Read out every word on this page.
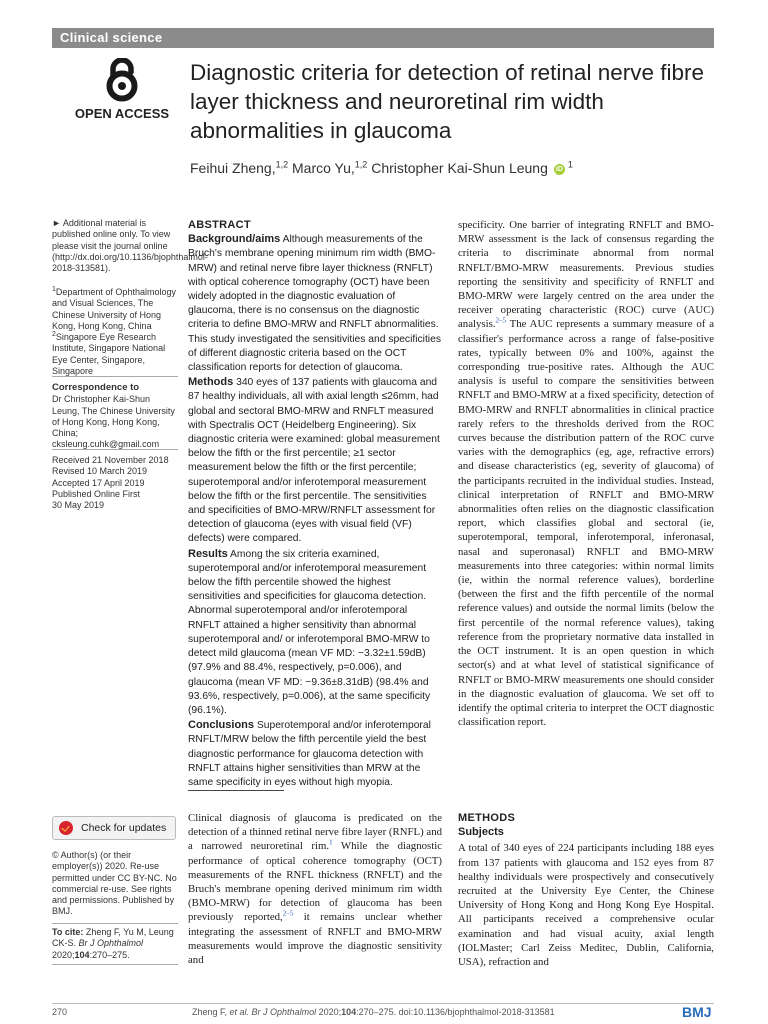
Clinical science
OPEN ACCESS
Diagnostic criteria for detection of retinal nerve fibre layer thickness and neuroretinal rim width abnormalities in glaucoma
Feihui Zheng,$^{1,2}$ Marco Yu,$^{1,2}$ Christopher Kai-Shun Leung iD $^1$
► Additional material is published online only. To view please visit the journal online (http://dx.doi.org/10.1136/bjophthalmol-2018-313581).
$^1$Department of Ophthalmology and Visual Sciences, The Chinese University of Hong Kong, Hong Kong, China
$^2$Singapore Eye Research Institute, Singapore National Eye Center, Singapore, Singapore
Correspondence to
Dr Christopher Kai-Shun Leung, The Chinese University of Hong Kong, Hong Kong, China; cksleung.cuhk@gmail.com
Received 21 November 2018
Revised 10 March 2019
Accepted 17 April 2019
Published Online First
30 May 2019
Check for updates
© Author(s) (or their employer(s)) 2020. Re-use permitted under CC BY-NC. No commercial re-use. See rights and permissions. Published by BMJ.
To cite: Zheng F, Yu M, Leung CK-S. Br J Ophthalmol 2020;104:270–275.
ABSTRACT

Background/aims Although measurements of the Bruch's membrane opening minimum rim width (BMO-MRW) and retinal nerve fibre layer thickness (RNFLT) with optical coherence tomography (OCT) have been widely adopted in the diagnostic evaluation of glaucoma, there is no consensus on the diagnostic criteria to define BMO-MRW and RNFLT abnormalities. This study investigated the sensitivities and specificities of different diagnostic criteria based on the OCT classification reports for detection of glaucoma.

Methods 340 eyes of 137 patients with glaucoma and 87 healthy individuals, all with axial length ≤26mm, had global and sectoral BMO-MRW and RNFLT measured with Spectralis OCT (Heidelberg Engineering). Six diagnostic criteria were examined: global measurement below the fifth or the first percentile; ≥1 sector measurement below the fifth or the first percentile; superotemporal and/or inferotemporal measurement below the fifth or the first percentile. The sensitivities and specificities of BMO-MRW/RNFLT assessment for detection of glaucoma (eyes with visual field (VF) defects) were compared.

Results Among the six criteria examined, superotemporal and/or inferotemporal measurement below the fifth percentile showed the highest sensitivities and specificities for glaucoma detection. Abnormal superotemporal and/or inferotemporal RNFLT attained a higher sensitivity than abnormal superotemporal and/ or inferotemporal BMO-MRW to detect mild glaucoma (mean VF MD: −3.32±1.59dB) (97.9% and 88.4%, respectively, p=0.006), and glaucoma (mean VF MD: −9.36±8.31dB) (98.4% and 93.6%, respectively, p=0.006), at the same specificity (96.1%).

Conclusions Superotemporal and/or inferotemporal RNFLT/MRW below the fifth percentile yield the best diagnostic performance for glaucoma detection with RNFLT attains higher sensitivities than MRW at the same specificity in eyes without high myopia.

specificity. One barrier of integrating RNFLT and BMO-MRW assessment is the lack of consensus regarding the criteria to discriminate abnormal from normal RNFLT/BMO-MRW measurements. Previous studies reporting the sensitivity and specificity of RNFLT and BMO-MRW were largely centred on the area under the receiver operating characteristic (ROC) curve (AUC) analysis.$^{2-5}$ The AUC represents a summary measure of a classifier's performance across a range of false-positive rates, typically between 0% and 100%, against the corresponding true-positive rates. Although the AUC analysis is useful to compare the sensitivities between RNFLT and BMO-MRW at a fixed specificity, detection of BMO-MRW and RNFLT abnormalities in clinical practice rarely refers to the thresholds derived from the ROC curves because the distribution pattern of the ROC curve varies with the demographics (eg, age, refractive errors) and disease characteristics (eg, severity of glaucoma) of the participants recruited in the individual studies. Instead, clinical interpretation of RNFLT and BMO-MRW abnormalities often relies on the diagnostic classification report, which classifies global and sectoral (ie, superotemporal, temporal, inferotemporal, inferonasal, nasal and superonasal) RNFLT and BMO-MRW measurements into three categories: within normal limits (ie, within the normal reference values), borderline (between the first and the fifth percentile of the normal reference values) and outside the normal limits (below the first percentile of the normal reference values), taking reference from the proprietary normative data installed in the OCT instrument. It is an open question in which sector(s) and at what level of statistical significance of RNFLT or BMO-MRW measurements one should consider in the diagnostic evaluation of glaucoma. We set off to identify the optimal criteria to interpret the OCT diagnostic classification report.
Clinical diagnosis of glaucoma is predicated on the detection of a thinned retinal nerve fibre layer (RNFL) and a narrowed neuroretinal rim.$^1$ While the diagnostic performance of optical coherence tomography (OCT) measurements of the RNFL thickness (RNFLT) and the Bruch's membrane opening derived minimum rim width (BMO-MRW) for detection of glaucoma has been previously reported,$^{2-5}$ it remains unclear whether integrating the assessment of RNFLT and BMO-MRW measurements would improve the diagnostic sensitivity and
METHODS
Subjects
A total of 340 eyes of 224 participants including 188 eyes from 137 patients with glaucoma and 152 eyes from 87 healthy individuals were prospectively and consecutively recruited at the University Eye Center, the Chinese University of Hong Kong and Hong Kong Eye Hospital. All participants received a comprehensive ocular examination and had visual acuity, axial length (IOLMaster; Carl Zeiss Meditec, Dublin, California, USA), refraction and
270	Zheng F, et al. Br J Ophthalmol 2020;104:270–275. doi:10.1136/bjophthalmol-2018-313581	BMJ
